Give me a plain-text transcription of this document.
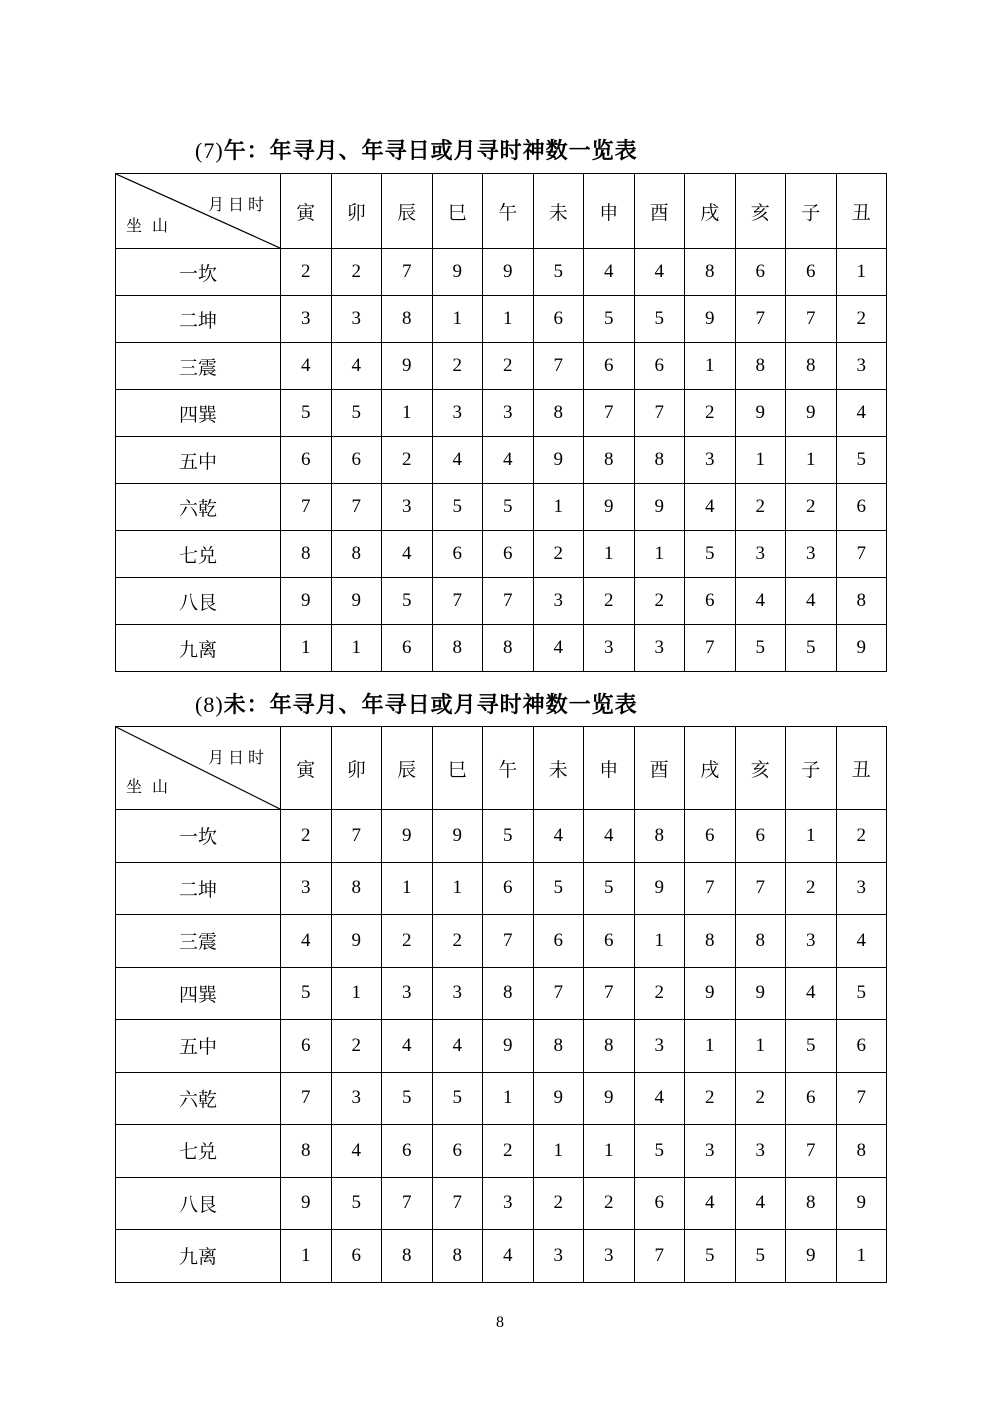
(7)午：年寻月、年寻日或月寻时神数一览表
月日时
坐山	寅	卯	辰	巳	午	未	申	酉	戌	亥	子	丑
一坎	2	2	7	9	9	5	4	4	8	6	6	1
二坤	3	3	8	1	1	6	5	5	9	7	7	2
三震	4	4	9	2	2	7	6	6	1	8	8	3
四巽	5	5	1	3	3	8	7	7	2	9	9	4
五中	6	6	2	4	4	9	8	8	3	1	1	5
六乾	7	7	3	5	5	1	9	9	4	2	2	6
七兑	8	8	4	6	6	2	1	1	5	3	3	7
八艮	9	9	5	7	7	3	2	2	6	4	4	8
九离	1	1	6	8	8	4	3	3	7	5	5	9
(8)未：年寻月、年寻日或月寻时神数一览表
月日时
坐山	寅	卯	辰	巳	午	未	申	酉	戌	亥	子	丑
一坎	2	7	9	9	5	4	4	8	6	6	1	2
二坤	3	8	1	1	6	5	5	9	7	7	2	3
三震	4	9	2	2	7	6	6	1	8	8	3	4
四巽	5	1	3	3	8	7	7	2	9	9	4	5
五中	6	2	4	4	9	8	8	3	1	1	5	6
六乾	7	3	5	5	1	9	9	4	2	2	6	7
七兑	8	4	6	6	2	1	1	5	3	3	7	8
八艮	9	5	7	7	3	2	2	6	4	4	8	9
九离	1	6	8	8	4	3	3	7	5	5	9	1
8
